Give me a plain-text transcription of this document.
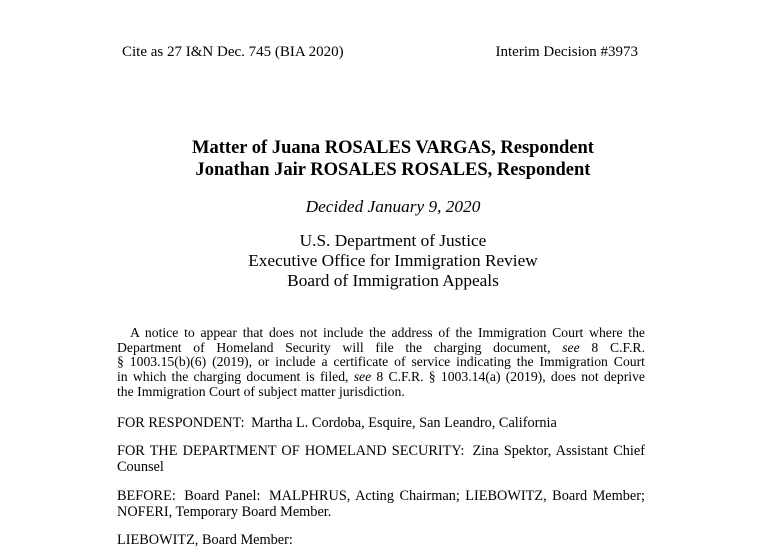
Cite as 27 I&N Dec. 745 (BIA 2020)	Interim Decision #3973
Matter of Juana ROSALES VARGAS, Respondent
Jonathan Jair ROSALES ROSALES, Respondent
Decided January 9, 2020
U.S. Department of Justice
Executive Office for Immigration Review
Board of Immigration Appeals
A notice to appear that does not include the address of the Immigration Court where the
Department of Homeland Security will file the charging document, see 8 C.F.R.
§ 1003.15(b)(6) (2019), or include a certificate of service indicating the Immigration Court
in which the charging document is filed, see 8 C.F.R. § 1003.14(a) (2019), does not deprive
the Immigration Court of subject matter jurisdiction.

FOR RESPONDENT: Martha L. Cordoba, Esquire, San Leandro, California

FOR THE DEPARTMENT OF HOMELAND SECURITY: Zina Spektor, Assistant Chief Counsel

BEFORE: Board Panel: MALPHRUS, Acting Chairman; LIEBOWITZ, Board Member; NOFERI, Temporary Board Member.

LIEBOWITZ, Board Member:
